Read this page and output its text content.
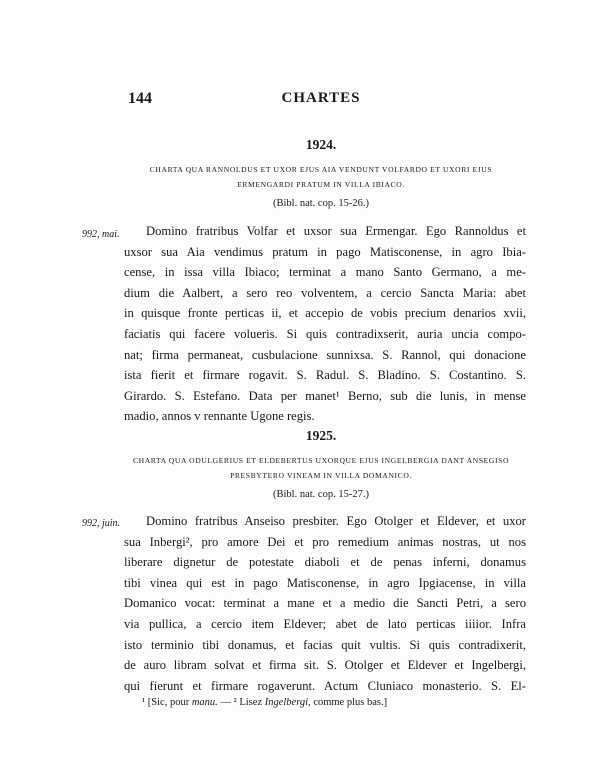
144	CHARTES
1924.
CHARTA QUA RANNOLDUS ET UXOR EJUS AIA VENDUNT VOLFARDO ET UXORI EJUS
ERMENGARDI PRATUM IN VILLA IBIACO.
(Bibl. nat. cop. 15-26.)
992, mai.	Domino fratribus Volfar et uxsor sua Ermengar. Ego Rannoldus et
uxsor sua Aia vendimus pratum in pago Matisconense, in agro Ibia-
cense, in issa villa Ibiaco; terminat a mano Santo Germano, a me-
dium die Aalbert, a sero reo volventem, a cercio Sancta Maria: abet
in quisque fronte perticas ii, et accepio de vobis precium denarios xvii,
faciatis qui facere volueris. Si quis contradixserit, auria uncia compo-
nat; firma permaneat, cusbulacione sunnixsa. S. Rannol, qui donacione
ista fierit et firmare rogavit. S. Radul. S. Bladino. S. Costantino. S.
Girardo. S. Estefano. Data per manet¹ Berno, sub die lunis, in mense
madio, annos v rennante Ugone regis.
1925.
CHARTA QUA ODULGERIUS ET ELDEBERTUS UXORQUE EJUS INGELBERGIA DANT ANSEGISO
PRESBYTERO VINEAM IN VILLA DOMANICO.
(Bibl. nat. cop. 15-27.)
992, juin.	Domino fratribus Anseiso presbiter. Ego Otolger et Eldever, et uxor
sua Inbergi², pro amore Dei et pro remedium animas nostras, ut nos
liberare dignetur de potestate diaboli et de penas inferni, donamus
tibi vinea qui est in pago Matisconense, in agro Ipgiacense, in villa
Domanico vocat: terminat a mane et a medio die Sancti Petri, a sero
via pullica, a cercio item Eldever; abet de lato perticas iiiior. Infra
isto terminio tibi donamus, et facias quit vultis. Si quis contradixerit,
de auro libram solvat et firma sit. S. Otolger et Eldever et Ingelbergi,
qui fierunt et firmare rogaverunt. Actum Cluniaco monasterio. S. El-
¹ [Sic, pour manu. — ² Lisez Ingelbergi, comme plus bas.]
